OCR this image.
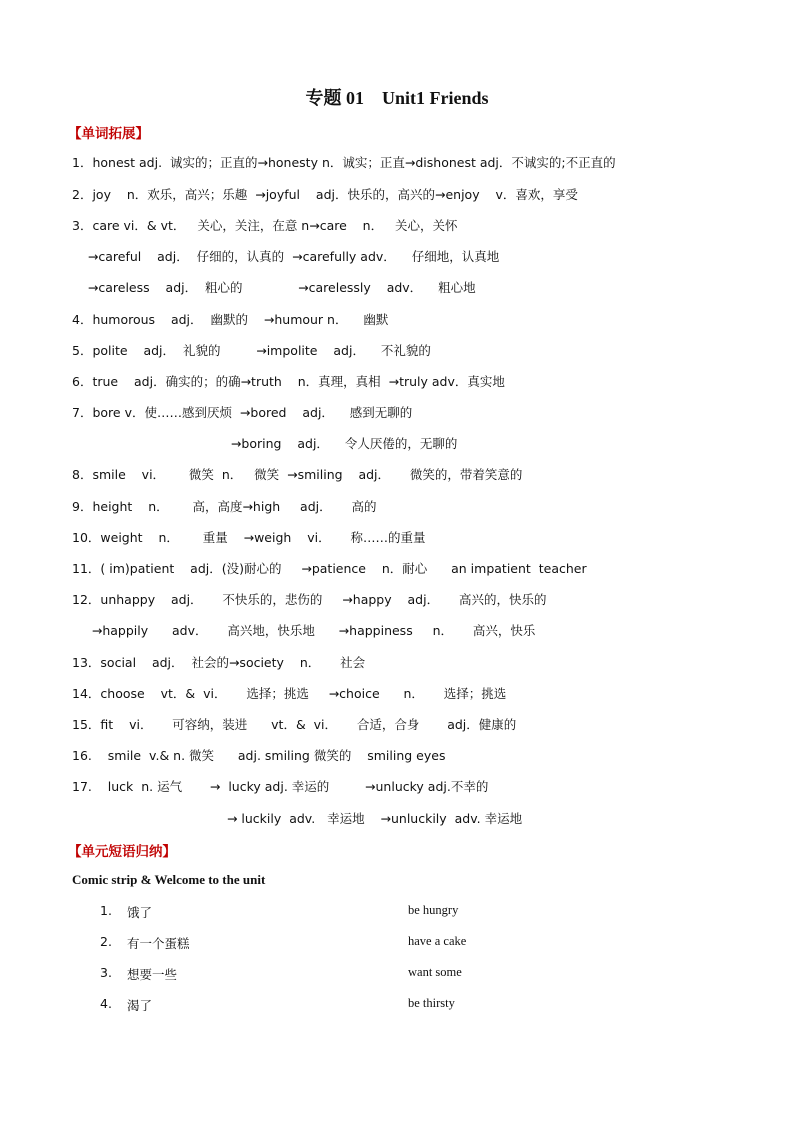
专题 01　Unit1 Friends
【单词拓展】
1．honest adj.  诚实的；正直的→honesty n．诚实；正直→dishonest adj．不诚实的;不正直的
2．joy    n．欢乐，高兴；乐趣  →joyful    adj．快乐的，高兴的→enjoy    v．喜欢，享受
3．care vi．& vt．   关心，关注，在意 n→care    n．   关心，关怀
→careful    adj．  仔细的，认真的  →carefully adv．    仔细地，认真地
→careless    adj．  粗心的              →carelessly    adv．    粗心地
4．humorous    adj．  幽默的    →humour n．    幽默
5．polite    adj．  礼貌的         →impolite    adj．    不礼貌的
6．true    adj．确实的；的确→truth    n．真理，真相  →truly adv．真实地
7．bore v．使……感到厌烦  →bored    adj．    感到无聊的
→boring    adj．    令人厌倦的，无聊的
8．smile    vi．      微笑  n．   微笑  →smiling    adj．     微笑的，带着笑意的
9．height    n．      高，高度→high     adj．     高的
10．weight    n．      重量    →weigh    vi．     称……的重量
11．( im)patient    adj．(没)耐心的     →patience    n．耐心      an impatient  teacher
12．unhappy    adj．     不快乐的，悲伤的     →happy    adj．     高兴的，快乐的
→happily      adv．     高兴地，快乐地      →happiness     n．     高兴，快乐
13．social    adj．  社会的→society    n．     社会
14．choose    vt．&  vi．     选择；挑选     →choice      n．     选择；挑选
15．fit    vi．     可容纳，装进      vt．&  vi．     合适，合身       adj．健康的
16.    smile  v.& n. 微笑      adj. smiling 微笑的    smiling eyes
17.    luck  n. 运气       →  lucky adj. 幸运的         →unlucky adj.不幸的
→ luckily  adv.   幸运地    →unluckily  adv. 幸运地
【单元短语归纳】
Comic strip & Welcome to the unit
1. 饿了	be hungry
2. 有一个蛋糕	have a cake
3. 想要一些	want some
4. 渴了	be thirsty
